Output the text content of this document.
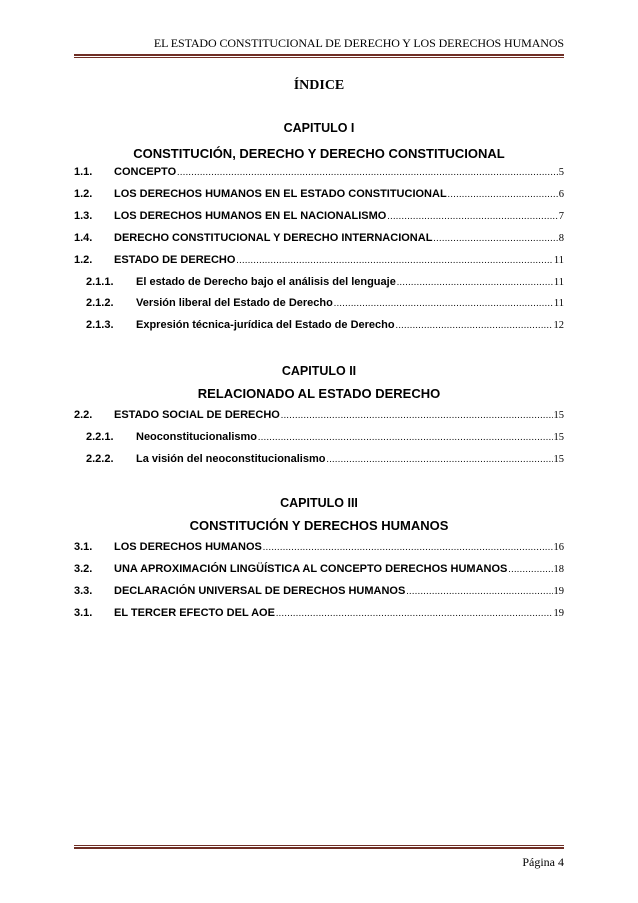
EL ESTADO CONSTITUCIONAL DE DERECHO Y LOS DERECHOS HUMANOS
ÍNDICE
CAPITULO I
CONSTITUCIÓN, DERECHO Y DERECHO CONSTITUCIONAL
1.1.	CONCEPTO .....	5
1.2.	LOS DERECHOS HUMANOS EN EL ESTADO CONSTITUCIONAL .....	6
1.3.	LOS DERECHOS HUMANOS EN EL NACIONALISMO .....	7
1.4.	DERECHO CONSTITUCIONAL Y DERECHO INTERNACIONAL .....	8
1.2.	ESTADO DE DERECHO .....	11
2.1.1.	El estado de Derecho bajo el análisis del lenguaje .....	11
2.1.2.	Versión liberal del Estado de Derecho .....	11
2.1.3.	Expresión técnica-jurídica del Estado de Derecho .....	12
CAPITULO II
RELACIONADO AL ESTADO DERECHO
2.2.	ESTADO SOCIAL DE DERECHO .....	15
2.2.1.	Neoconstitucionalismo .....	15
2.2.2.	La visión del neoconstitucionalismo .....	15
CAPITULO III
CONSTITUCIÓN Y DERECHOS HUMANOS
3.1.	LOS DERECHOS HUMANOS .....	16
3.2.	UNA APROXIMACIÓN LINGÜÍSTICA AL CONCEPTO DERECHOS HUMANOS .....	18
3.3.	DECLARACIÓN UNIVERSAL DE DERECHOS HUMANOS .....	19
3.1.	EL TERCER EFECTO DEL AOE .....	19
Página 4
